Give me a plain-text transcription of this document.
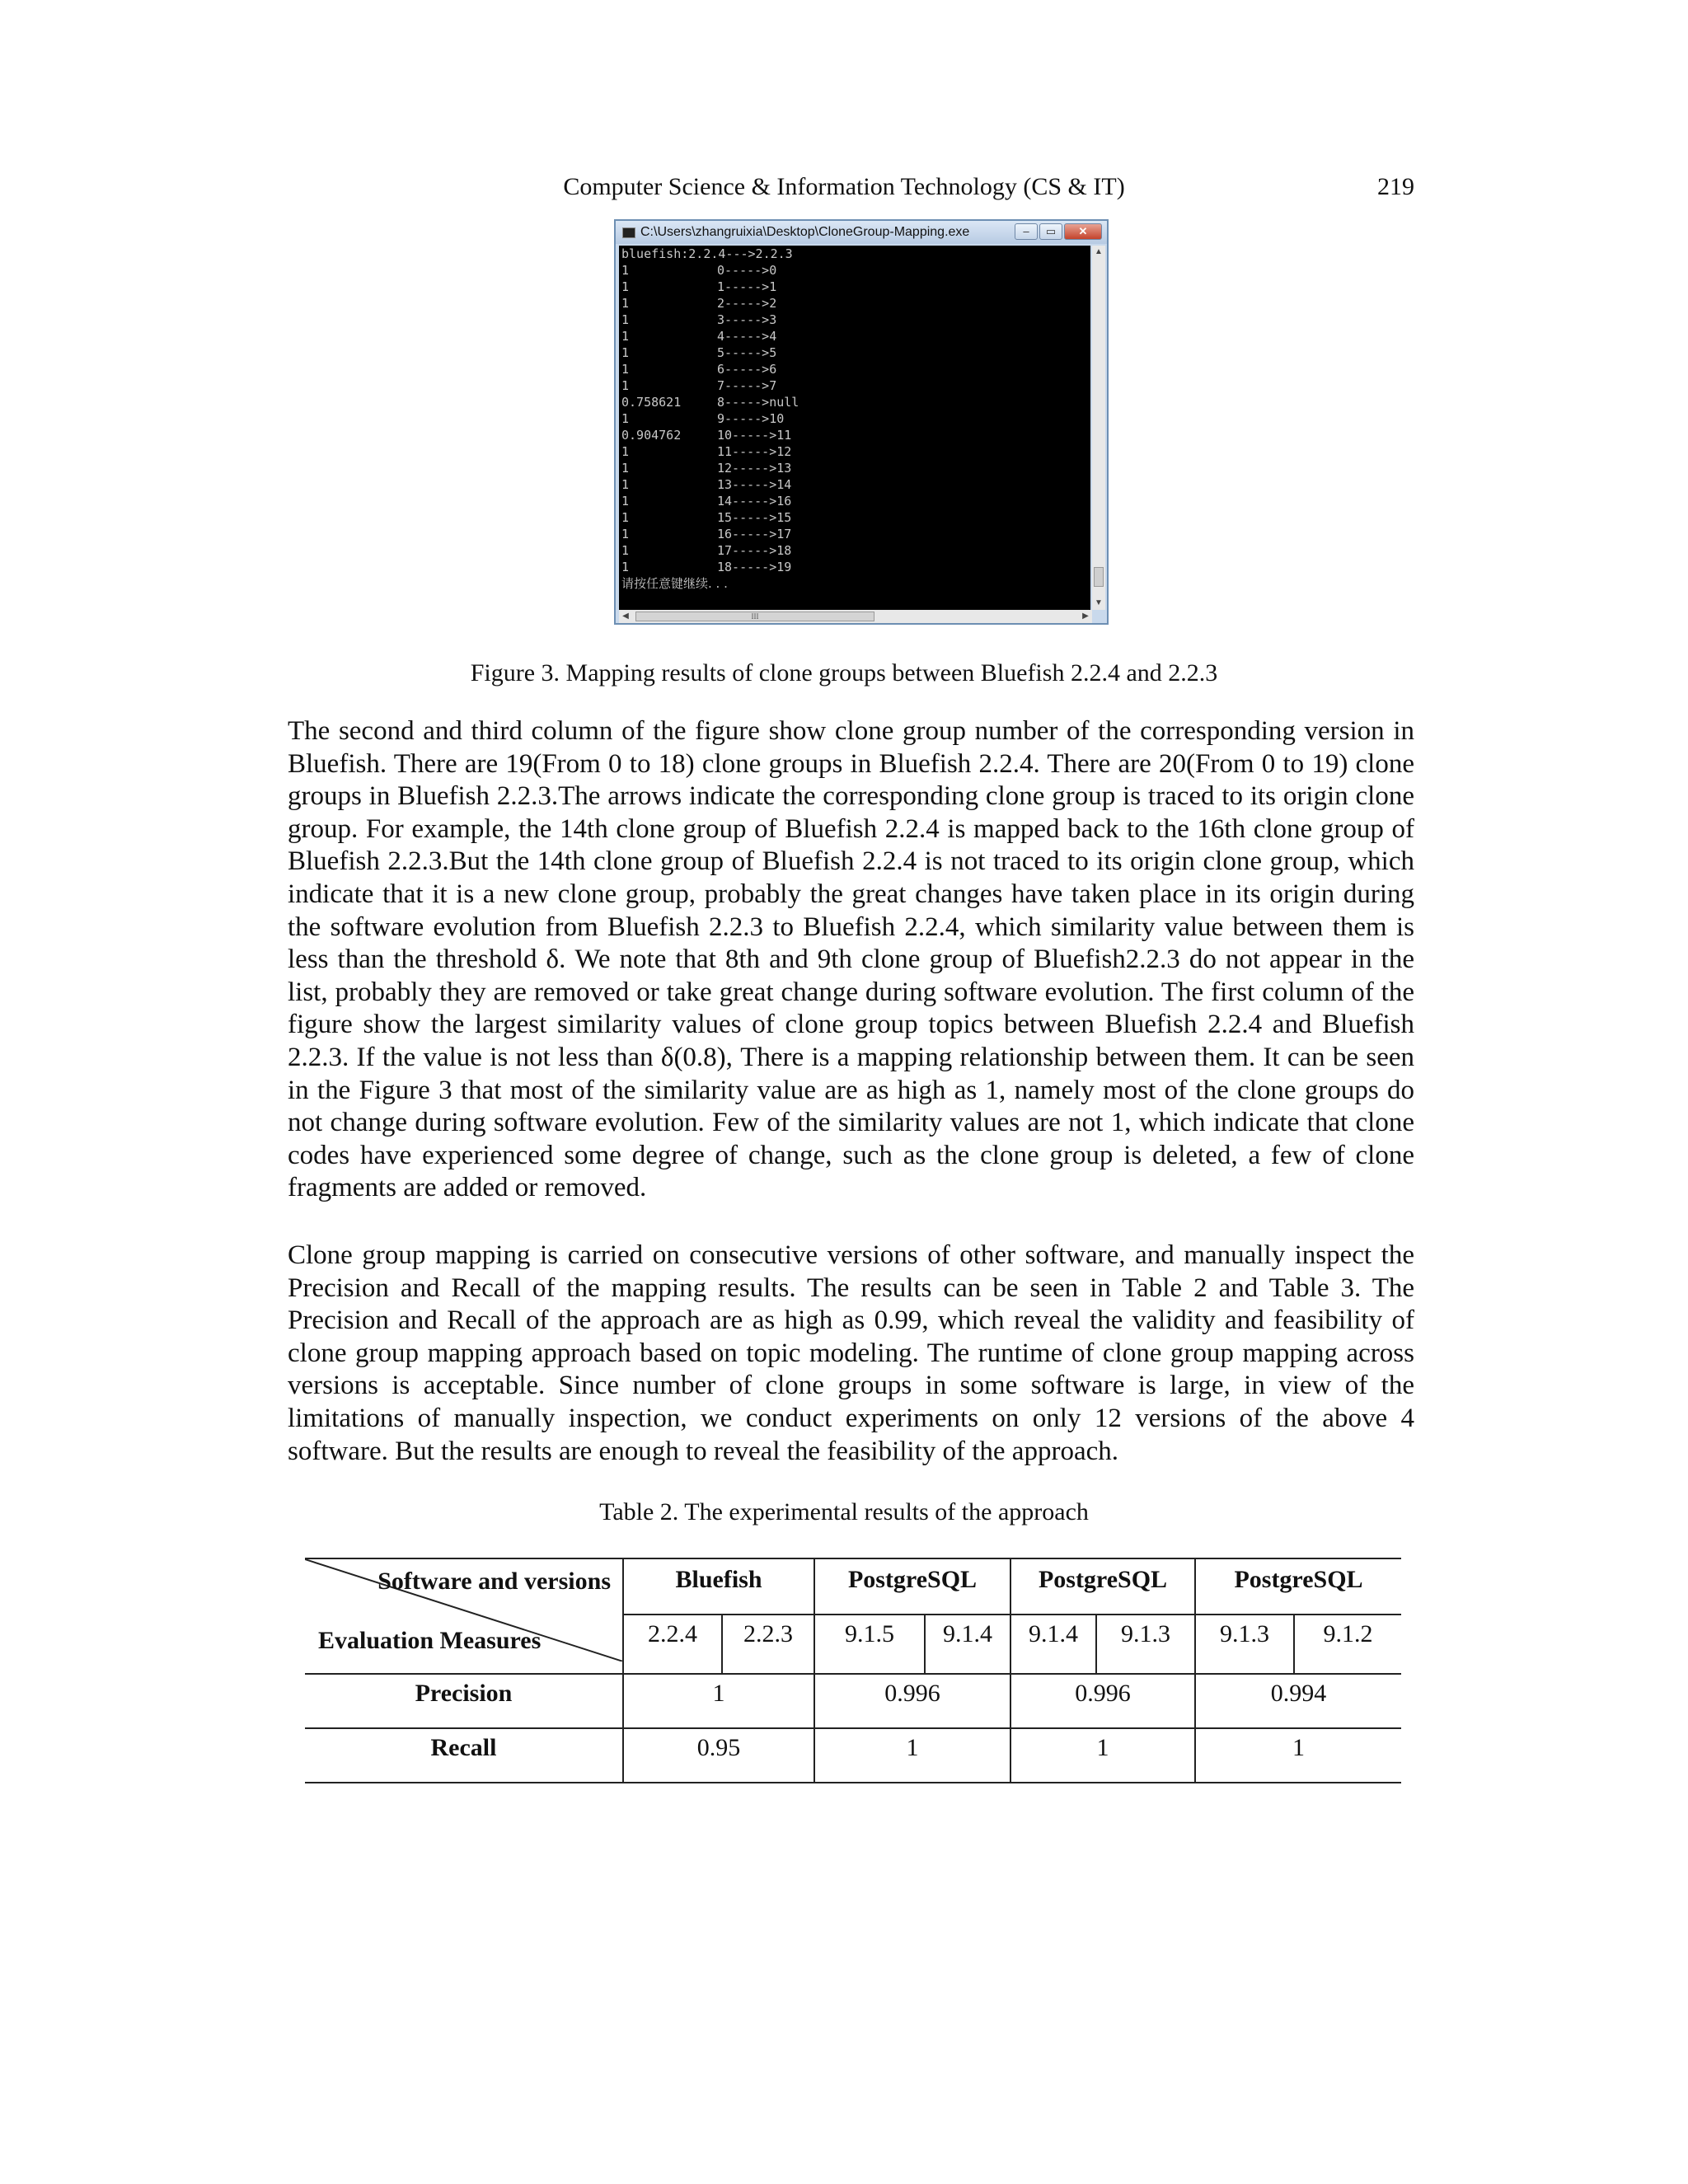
Computer Science & Information Technology (CS & IT)	219
C:\Users\zhangruixia\Desktop\CloneGroup-Mapping.exe	–	▭	✕
bluefish:2.2.4--->2.2.3
1	0----->0
1	1----->1
1	2----->2
1	3----->3
1	4----->4
1	5----->5
1	6----->6
1	7----->7
0.758621	8----->null
1	9----->10
0.904762	10----->11
1	11----->12
1	12----->13
1	13----->14
1	14----->16
1	15----->15
1	16----->17
1	17----->18
1	18----->19
请按任意键继续. . .
▲
▼
◀	III	▶
Figure 3. Mapping results of clone groups between Bluefish 2.2.4 and 2.2.3
The second and third column of the figure show clone group number of the corresponding version in Bluefish. There are 19(From 0 to 18) clone groups in Bluefish 2.2.4. There are 20(From 0 to 19) clone groups in Bluefish 2.2.3.The arrows indicate the corresponding clone group is traced to its origin clone group. For example, the 14th clone group of Bluefish 2.2.4 is mapped back to the 16th clone group of Bluefish 2.2.3.But the 14th clone group of Bluefish 2.2.4 is not traced to its origin clone group, which indicate that it is a new clone group, probably the great changes have taken place in its origin during the software evolution from Bluefish 2.2.3 to Bluefish 2.2.4, which similarity value between them is less than the threshold δ. We note that 8th and 9th clone group of Bluefish2.2.3 do not appear in the list, probably they are removed or take great change during software evolution. The first column of the figure show the largest similarity values of clone group topics between Bluefish 2.2.4 and Bluefish 2.2.3. If the value is not less than δ(0.8), There is a mapping relationship between them. It can be seen in the Figure 3 that most of the similarity value are as high as 1, namely most of the clone groups do not change during software evolution. Few of the similarity values are not 1, which indicate that clone codes have experienced some degree of change, such as the clone group is deleted, a few of clone fragments are added or removed.
Clone group mapping is carried on consecutive versions of other software, and manually inspect the Precision and Recall of the mapping results. The results can be seen in Table 2 and Table 3. The Precision and Recall of the approach are as high as 0.99, which reveal the validity and feasibility of clone group mapping approach based on topic modeling. The runtime of clone group mapping across versions is acceptable. Since number of clone groups in some software is large, in view of the limitations of manually inspection, we conduct experiments on only 12 versions of the above 4 software. But the results are enough to reveal the feasibility of the approach.
Table 2. The experimental results of the approach
Software and versions
Evaluation Measures	Bluefish		PostgreSQL		PostgreSQL		PostgreSQL	
	2.2.4	2.2.3	9.1.5	9.1.4	9.1.4	9.1.3	9.1.3	9.1.2
Precision	1		0.996		0.996		0.994	
Recall	0.95		1		1		1	
